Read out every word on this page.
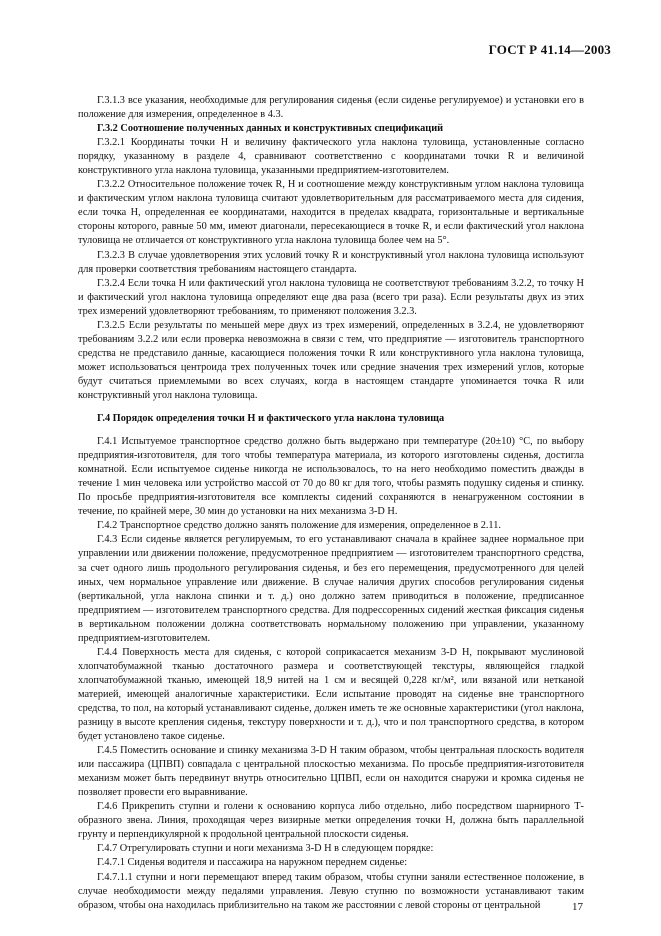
ГОСТ Р 41.14—2003

Г.3.1.3 все указания, необходимые для регулирования сиденья (если сиденье регулируемое) и установки его в положение для измерения, определенное в 4.3.

Г.3.2 Соотношение полученных данных и конструктивных спецификаций

Г.3.2.1 Координаты точки H и величину фактического угла наклона туловища, установленные согласно порядку, указанному в разделе 4, сравнивают соответственно с координатами точки R и величиной конструктивного угла наклона туловища, указанными предприятием-изготовителем.

Г.3.2.2 Относительное положение точек R, H и соотношение между конструктивным углом наклона туловища и фактическим углом наклона туловища считают удовлетворительным для рассматриваемого места для сидения, если точка H, определенная ее координатами, находится в пределах квадрата, горизонтальные и вертикальные стороны которого, равные 50 мм, имеют диагонали, пересекающиеся в точке R, и если фактический угол наклона туловища не отличается от конструктивного угла наклона туловища более чем на 5°.

Г.3.2.3 В случае удовлетворения этих условий точку R и конструктивный угол наклона туловища используют для проверки соответствия требованиям настоящего стандарта.

Г.3.2.4 Если точка H или фактический угол наклона туловища не соответствуют требованиям 3.2.2, то точку H и фактический угол наклона туловища определяют еще два раза (всего три раза). Если результаты двух из этих трех измерений удовлетворяют требованиям, то применяют положения 3.2.3.

Г.3.2.5 Если результаты по меньшей мере двух из трех измерений, определенных в 3.2.4, не удовлетворяют требованиям 3.2.2 или если проверка невозможна в связи с тем, что предприятие — изготовитель транспортного средства не представило данные, касающиеся положения точки R или конструктивного угла наклона туловища, может использоваться центроида трех полученных точек или средние значения трех измерений углов, которые будут считаться приемлемыми во всех случаях, когда в настоящем стандарте упоминается точка R или конструктивный угол наклона туловища.

Г.4 Порядок определения точки H и фактического угла наклона туловища

Г.4.1 Испытуемое транспортное средство должно быть выдержано при температуре (20±10) °С, по выбору предприятия-изготовителя, для того чтобы температура материала, из которого изготовлены сиденья, достигла комнатной. Если испытуемое сиденье никогда не использовалось, то на него необходимо поместить дважды в течение 1 мин человека или устройство массой от 70 до 80 кг для того, чтобы размять подушку сиденья и спинку. По просьбе предприятия-изготовителя все комплекты сидений сохраняются в ненагруженном состоянии в течение, по крайней мере, 30 мин до установки на них механизма 3-D H.

Г.4.2 Транспортное средство должно занять положение для измерения, определенное в 2.11.

Г.4.3 Если сиденье является регулируемым, то его устанавливают сначала в крайнее заднее нормальное при управлении или движении положение, предусмотренное предприятием — изготовителем транспортного средства, за счет одного лишь продольного регулирования сиденья, и без его перемещения, предусмотренного для целей иных, чем нормальное управление или движение. В случае наличия других способов регулирования сиденья (вертикальной, угла наклона спинки и т. д.) оно должно затем приводиться в положение, предписанное предприятием — изготовителем транспортного средства. Для подрессоренных сидений жесткая фиксация сиденья в вертикальном положении должна соответствовать нормальному положению при управлении, указанному предприятием-изготовителем.

Г.4.4 Поверхность места для сиденья, с которой соприкасается механизм 3-D H, покрывают муслиновой хлопчатобумажной тканью достаточного размера и соответствующей текстуры, являющейся гладкой хлопчатобумажной тканью, имеющей 18,9 нитей на 1 см и весящей 0,228 кг/м², или вязаной или нетканой материей, имеющей аналогичные характеристики. Если испытание проводят на сиденье вне транспортного средства, то пол, на который устанавливают сиденье, должен иметь те же основные характеристики (угол наклона, разницу в высоте крепления сиденья, текстуру поверхности и т. д.), что и пол транспортного средства, в котором будет установлено такое сиденье.

Г.4.5 Поместить основание и спинку механизма 3-D H таким образом, чтобы центральная плоскость водителя или пассажира (ЦПВП) совпадала с центральной плоскостью механизма. По просьбе предприятия-изготовителя механизм может быть передвинут внутрь относительно ЦПВП, если он находится снаружи и кромка сиденья не позволяет провести его выравнивание.

Г.4.6 Прикрепить ступни и голени к основанию корпуса либо отдельно, либо посредством шарнирного Т-образного звена. Линия, проходящая через визирные метки определения точки H, должна быть параллельной грунту и перпендикулярной к продольной центральной плоскости сиденья.

Г.4.7 Отрегулировать ступни и ноги механизма 3-D H в следующем порядке:

Г.4.7.1 Сиденья водителя и пассажира на наружном переднем сиденье:

Г.4.7.1.1 ступни и ноги перемещают вперед таким образом, чтобы ступни заняли естественное положение, в случае необходимости между педалями управления. Левую ступню по возможности устанавливают таким образом, чтобы она находилась приблизительно на таком же расстоянии с левой стороны от центральной	17
